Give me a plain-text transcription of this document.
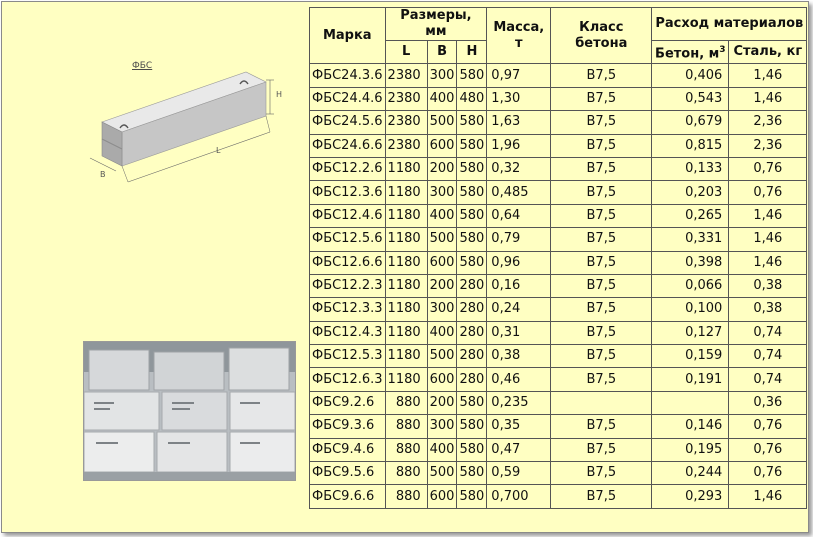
ФБС
H
L
B
Марка	Размеры, мм			Масса, т	Класс бетона	Расход материалов	
	L	B	H			Бетон, $м^3$	Сталь, кг
ФБС24.3.6	2380	300	580	0,97	B7,5	0,406	1,46
ФБС24.4.6	2380	400	480	1,30	B7,5	0,543	1,46
ФБС24.5.6	2380	500	580	1,63	B7,5	0,679	2,36
ФБС24.6.6	2380	600	580	1,96	B7,5	0,815	2,36
ФБС12.2.6	1180	200	580	0,32	B7,5	0,133	0,76
ФБС12.3.6	1180	300	580	0,485	B7,5	0,203	0,76
ФБС12.4.6	1180	400	580	0,64	B7,5	0,265	1,46
ФБС12.5.6	1180	500	580	0,79	B7,5	0,331	1,46
ФБС12.6.6	1180	600	580	0,96	B7,5	0,398	1,46
ФБС12.2.3	1180	200	280	0,16	B7,5	0,066	0,38
ФБС12.3.3	1180	300	280	0,24	B7,5	0,100	0,38
ФБС12.4.3	1180	400	280	0,31	B7,5	0,127	0,74
ФБС12.5.3	1180	500	280	0,38	B7,5	0,159	0,74
ФБС12.6.3	1180	600	280	0,46	B7,5	0,191	0,74
ФБС9.2.6	880	200	580	0,235			0,36
ФБС9.3.6	880	300	580	0,35	B7,5	0,146	0,76
ФБС9.4.6	880	400	580	0,47	B7,5	0,195	0,76
ФБС9.5.6	880	500	580	0,59	B7,5	0,244	0,76
ФБС9.6.6	880	600	580	0,700	B7,5	0,293	1,46
